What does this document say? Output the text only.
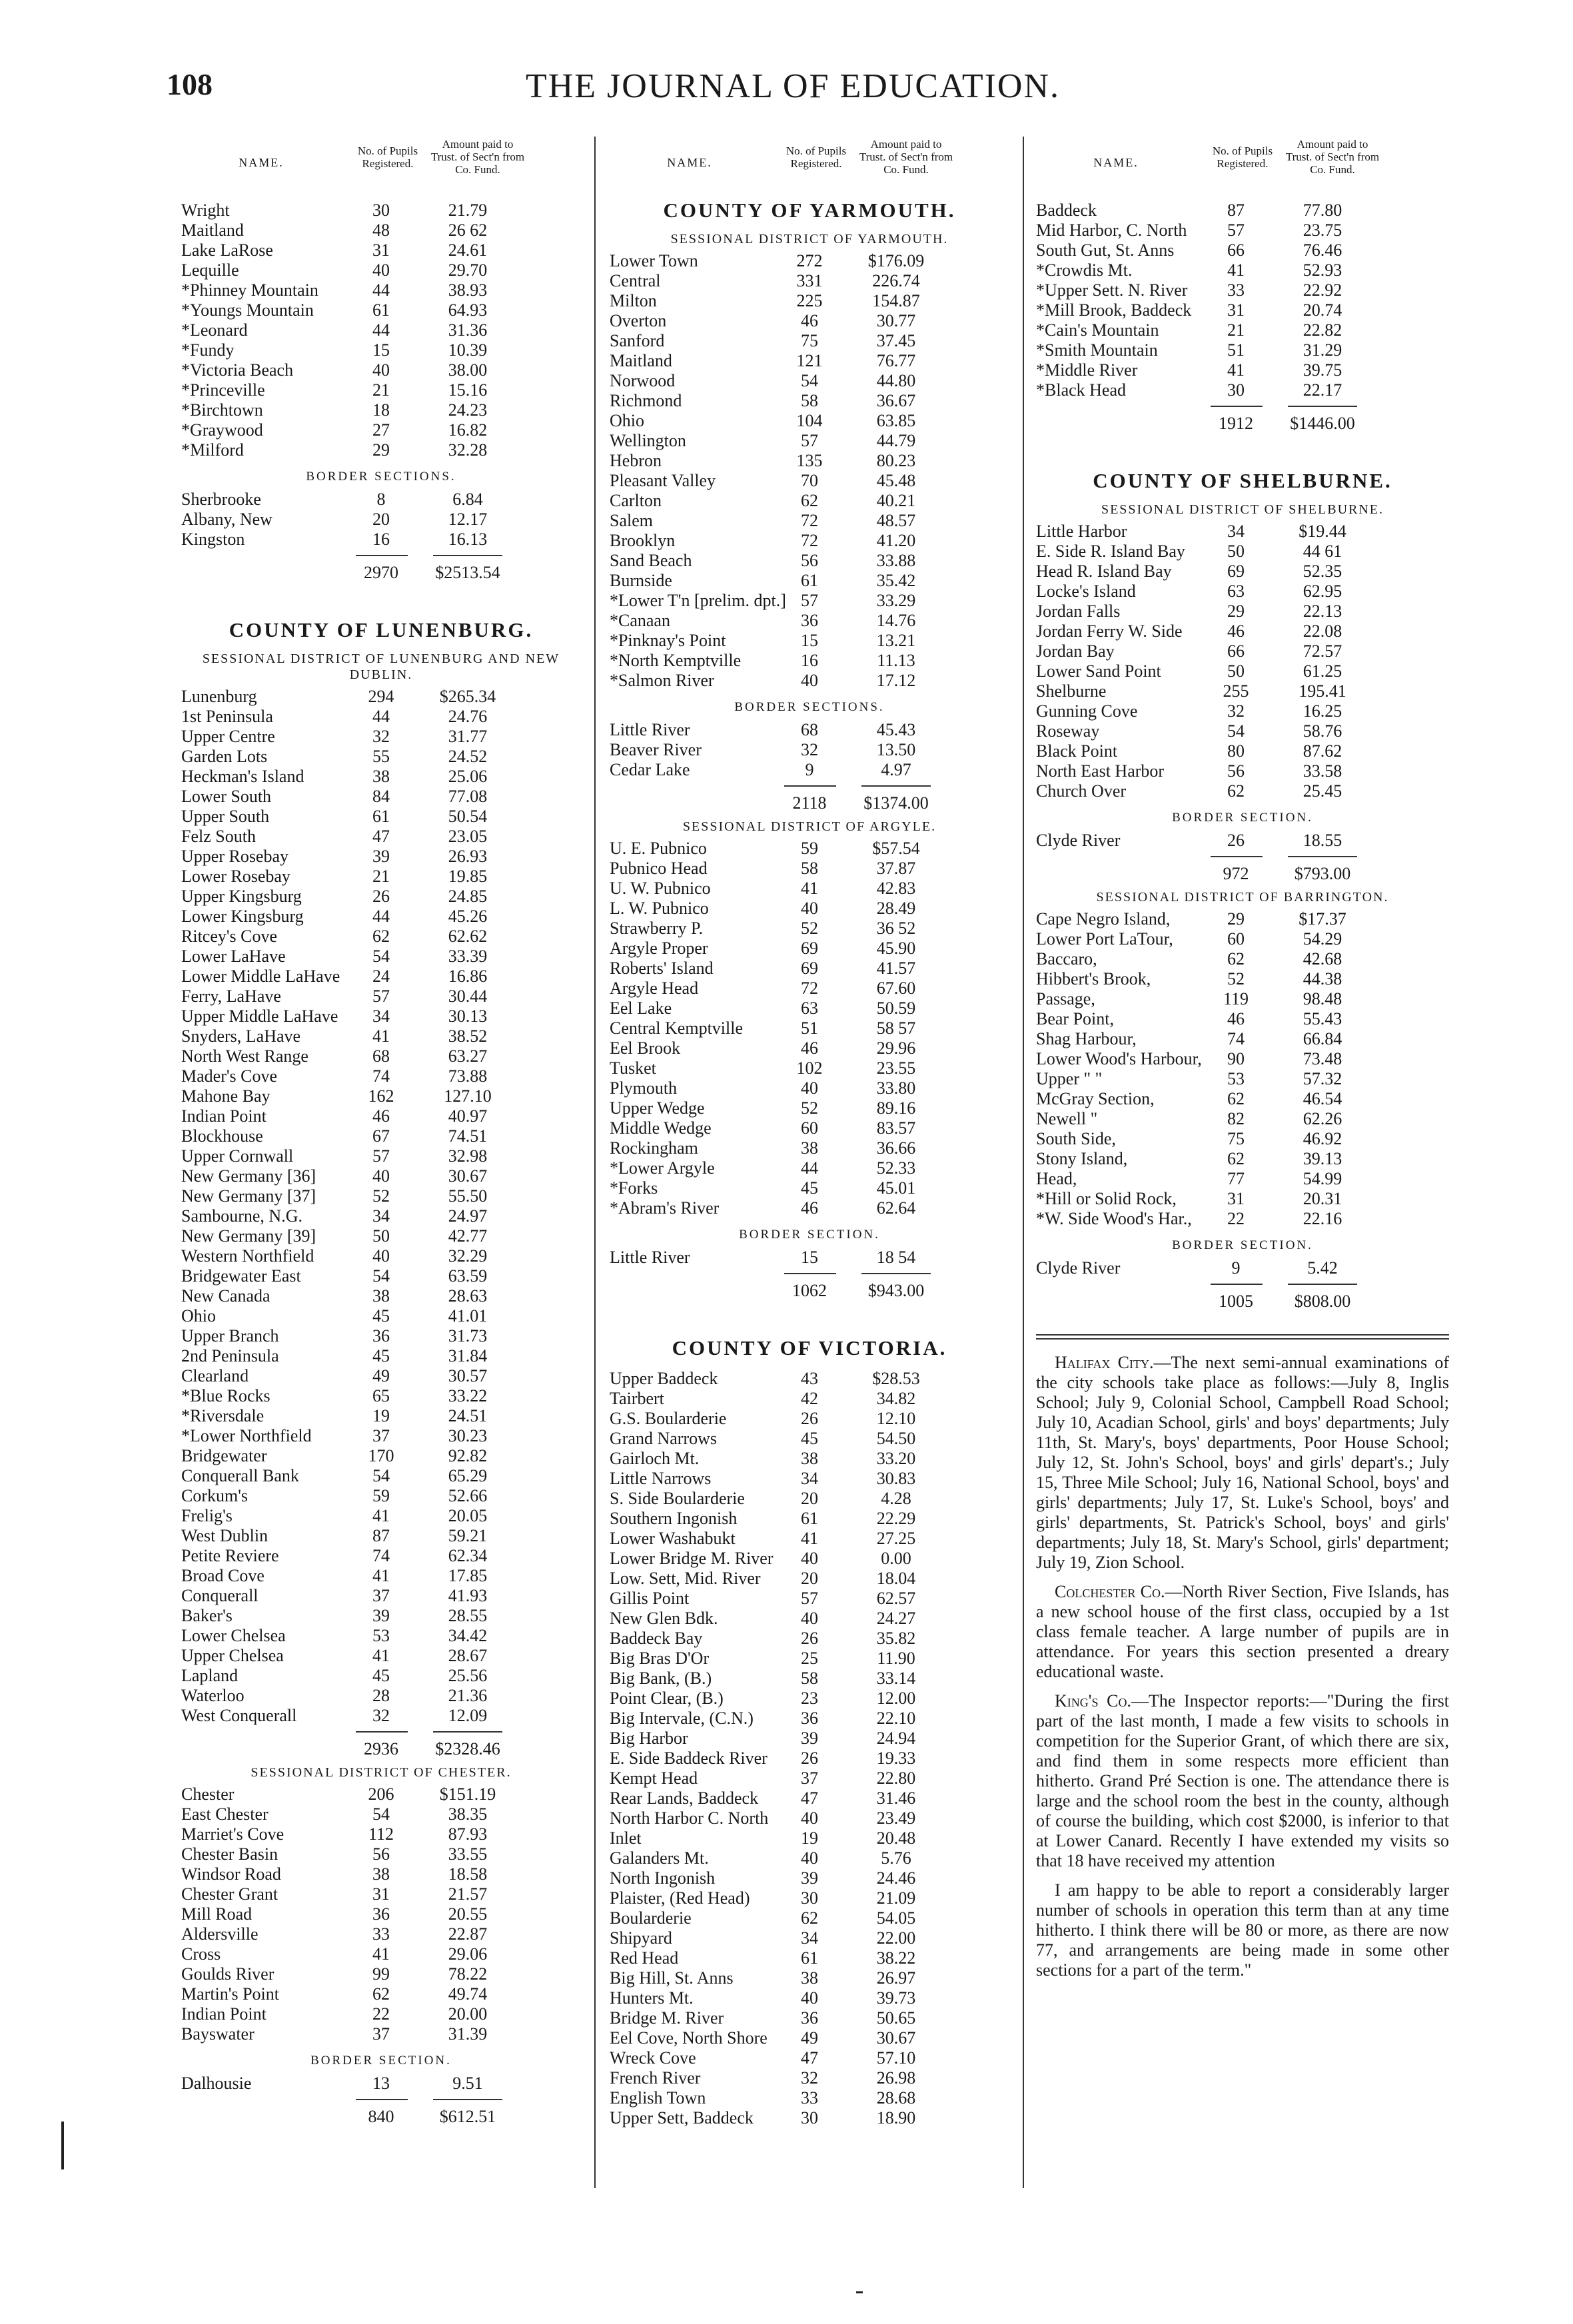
108	THE JOURNAL OF EDUCATION.
NAME.
No. of Pupils Registered.
Amount paid to Trust. of Sect'n from Co. Fund.
Wright	30	21.79
Maitland	48	26 62
Lake LaRose	31	24.61
Lequille	40	29.70
*Phinney Mountain	44	38.93
*Youngs Mountain	61	64.93
*Leonard	44	31.36
*Fundy	15	10.39
*Victoria Beach	40	38.00
*Princeville	21	15.16
*Birchtown	18	24.23
*Graywood	27	16.82
*Milford	29	32.28
BORDER SECTIONS.
Sherbrooke	8	6.84
Albany, New	20	12.17
Kingston	16	16.13
2970	$2513.54
COUNTY OF LUNENBURG.
SESSIONAL DISTRICT OF LUNENBURG AND NEW DUBLIN.
Lunenburg	294	$265.34
1st Peninsula	44	24.76
Upper Centre	32	31.77
Garden Lots	55	24.52
Heckman's Island	38	25.06
Lower South	84	77.08
Upper South	61	50.54
Felz South	47	23.05
Upper Rosebay	39	26.93
Lower Rosebay	21	19.85
Upper Kingsburg	26	24.85
Lower Kingsburg	44	45.26
Ritcey's Cove	62	62.62
Lower LaHave	54	33.39
Lower Middle LaHave	24	16.86
Ferry, LaHave	57	30.44
Upper Middle LaHave	34	30.13
Snyders, LaHave	41	38.52
North West Range	68	63.27
Mader's Cove	74	73.88
Mahone Bay	162	127.10
Indian Point	46	40.97
Blockhouse	67	74.51
Upper Cornwall	57	32.98
New Germany [36]	40	30.67
New Germany [37]	52	55.50
Sambourne, N.G.	34	24.97
New Germany [39]	50	42.77
Western Northfield	40	32.29
Bridgewater East	54	63.59
New Canada	38	28.63
Ohio	45	41.01
Upper Branch	36	31.73
2nd Peninsula	45	31.84
Clearland	49	30.57
*Blue Rocks	65	33.22
*Riversdale	19	24.51
*Lower Northfield	37	30.23
Bridgewater	170	92.82
Conquerall Bank	54	65.29
Corkum's	59	52.66
Frelig's	41	20.05
West Dublin	87	59.21
Petite Reviere	74	62.34
Broad Cove	41	17.85
Conquerall	37	41.93
Baker's	39	28.55
Lower Chelsea	53	34.42
Upper Chelsea	41	28.67
Lapland	45	25.56
Waterloo	28	21.36
West Conquerall	32	12.09
2936	$2328.46
SESSIONAL DISTRICT OF CHESTER.
Chester	206	$151.19
East Chester	54	38.35
Marriet's Cove	112	87.93
Chester Basin	56	33.55
Windsor Road	38	18.58
Chester Grant	31	21.57
Mill Road	36	20.55
Aldersville	33	22.87
Cross	41	29.06
Goulds River	99	78.22
Martin's Point	62	49.74
Indian Point	22	20.00
Bayswater	37	31.39
BORDER SECTION.
Dalhousie	13	9.51
840	$612.51
NAME.
No. of Pupils Registered.
Amount paid to Trust. of Sect'n from Co. Fund.
COUNTY OF YARMOUTH.
SESSIONAL DISTRICT OF YARMOUTH.
Lower Town	272	$176.09
Central	331	226.74
Milton	225	154.87
Overton	46	30.77
Sanford	75	37.45
Maitland	121	76.77
Norwood	54	44.80
Richmond	58	36.67
Ohio	104	63.85
Wellington	57	44.79
Hebron	135	80.23
Pleasant Valley	70	45.48
Carlton	62	40.21
Salem	72	48.57
Brooklyn	72	41.20
Sand Beach	56	33.88
Burnside	61	35.42
*Lower T'n [prelim. dpt.] 57	33.29
*Canaan	36	14.76
*Pinknay's Point	15	13.21
*North Kemptville	16	11.13
*Salmon River	40	17.12
BORDER SECTIONS.
Little River	68	45.43
Beaver River	32	13.50
Cedar Lake	9	4.97
2118	$1374.00
SESSIONAL DISTRICT OF ARGYLE.
U. E. Pubnico	59	$57.54
Pubnico Head	58	37.87
U. W. Pubnico	41	42.83
L. W. Pubnico	40	28.49
Strawberry P.	52	36 52
Argyle Proper	69	45.90
Roberts' Island	69	41.57
Argyle Head	72	67.60
Eel Lake	63	50.59
Central Kemptville	51	58 57
Eel Brook	46	29.96
Tusket	102	23.55
Plymouth	40	33.80
Upper Wedge	52	89.16
Middle Wedge	60	83.57
Rockingham	38	36.66
*Lower Argyle	44	52.33
*Forks	45	45.01
*Abram's River	46	62.64
BORDER SECTION.
Little River	15	18 54
1062	$943.00
COUNTY OF VICTORIA.
Upper Baddeck	43	$28.53
Tairbert	42	34.82
G.S. Boularderie	26	12.10
Grand Narrows	45	54.50
Gairloch Mt.	38	33.20
Little Narrows	34	30.83
S. Side Boularderie	20	4.28
Southern Ingonish	61	22.29
Lower Washabukt	41	27.25
Lower Bridge M. River	40	0.00
Low. Sett, Mid. River	20	18.04
Gillis Point	57	62.57
New Glen Bdk.	40	24.27
Baddeck Bay	26	35.82
Big Bras D'Or	25	11.90
Big Bank, (B.)	58	33.14
Point Clear, (B.)	23	12.00
Big Intervale, (C.N.)	36	22.10
Big Harbor	39	24.94
E. Side Baddeck River	26	19.33
Kempt Head	37	22.80
Rear Lands, Baddeck	47	31.46
North Harbor C. North	40	23.49
Inlet	19	20.48
Galanders Mt.	40	5.76
North Ingonish	39	24.46
Plaister, (Red Head)	30	21.09
Boularderie	62	54.05
Shipyard	34	22.00
Red Head	61	38.22
Big Hill, St. Anns	38	26.97
Hunters Mt.	40	39.73
Bridge M. River	36	50.65
Eel Cove, North Shore	49	30.67
Wreck Cove	47	57.10
French River	32	26.98
English Town	33	28.68
Upper Sett, Baddeck	30	18.90
NAME.
No. of Pupils Registered.
Amount paid to Trust. of Sect'n from Co. Fund.
Baddeck	87	77.80
Mid Harbor, C. North	57	23.75
South Gut, St. Anns	66	76.46
*Crowdis Mt.	41	52.93
*Upper Sett. N. River	33	22.92
*Mill Brook, Baddeck	31	20.74
*Cain's Mountain	21	22.82
*Smith Mountain	51	31.29
*Middle River	41	39.75
*Black Head	30	22.17
1912	$1446.00
COUNTY OF SHELBURNE.
SESSIONAL DISTRICT OF SHELBURNE.
Little Harbor	34	$19.44
E. Side R. Island Bay	50	44 61
Head R. Island Bay	69	52.35
Locke's Island	63	62.95
Jordan Falls	29	22.13
Jordan Ferry W. Side	46	22.08
Jordan Bay	66	72.57
Lower Sand Point	50	61.25
Shelburne	255	195.41
Gunning Cove	32	16.25
Roseway	54	58.76
Black Point	80	87.62
North East Harbor	56	33.58
Church Over	62	25.45
BORDER SECTION.
Clyde River	26	18.55
972	$793.00
SESSIONAL DISTRICT OF BARRINGTON.
Cape Negro Island,	29	$17.37
Lower Port LaTour,	60	54.29
Baccaro,	62	42.68
Hibbert's Brook,	52	44.38
Passage,	119	98.48
Bear Point,	46	55.43
Shag Harbour,	74	66.84
Lower Wood's Harbour,	90	73.48
Upper " "	53	57.32
McGray Section,	62	46.54
Newell "	82	62.26
South Side,	75	46.92
Stony Island,	62	39.13
Head,	77	54.99
*Hill or Solid Rock,	31	20.31
*W. Side Wood's Har.,	22	22.16
BORDER SECTION.
Clyde River	9	5.42
1005	$808.00

Halifax City.—The next semi-annual examinations of the city schools take place as follows:—July 8, Inglis School; July 9, Colonial School, Campbell Road School; July 10, Acadian School, girls' and boys' departments; July 11th, St. Mary's, boys' departments, Poor House School; July 12, St. John's School, boys' and girls' depart's.; July 15, Three Mile School; July 16, National School, boys' and girls' departments; July 17, St. Luke's School, boys' and girls' departments, St. Patrick's School, boys' and girls' departments; July 18, St. Mary's School, girls' department; July 19, Zion School.

Colchester Co.—North River Section, Five Islands, has a new school house of the first class, occupied by a 1st class female teacher. A large number of pupils are in attendance. For years this section presented a dreary educational waste.

King's Co.—The Inspector reports:—"During the first part of the last month, I made a few visits to schools in competition for the Superior Grant, of which there are six, and find them in some respects more efficient than hitherto. Grand Pré Section is one. The attendance there is large and the school room the best in the county, although of course the building, which cost $2000, is inferior to that at Lower Canard. Recently I have extended my visits so that 18 have received my attention

I am happy to be able to report a considerably larger number of schools in operation this term than at any time hitherto. I think there will be 80 or more, as there are now 77, and arrangements are being made in some other sections for a part of the term."
